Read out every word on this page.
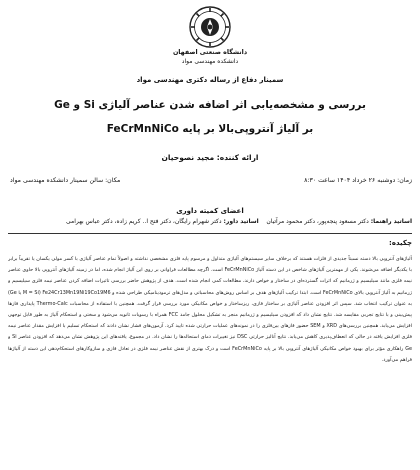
دانشگاه صنعتی اصفهان
دانشکده مهندسی مواد
سمینار دفاع از رساله دکتری مهندسی مواد
بررسی و مشخصه‌یابی اثر اضافه شدن عناصر آلیاژی Si و Ge
بر آلیاژ آنتروپی‌بالا بر پایه FeCrMnNiCo
ارائه کننده: مجید نصوحیان
زمان: دوشنبه ۲۶ خرداد ۱۴۰۴ ساعت ۸:۳۰
مکان: سالن سمینار دانشکده مهندسی مواد
اعضای کمیته داوری
اساتید راهنما: دکتر مسعود پنجه‌پور، دکتر محمود مرآتیان    اساتید داور: دکتر شهرام رایگان، دکتر فتح ا.. کریم زاده، دکتر عباس بهرامی
چکیده:
آلیاژهای آنتروپی بالا دسته نسبتاً جدیدی از فلزات هستند که برخلاف سایر سیستم‌های آلیاژی متداول و مرسوم پایه فلزی مشخصی نداشته و اصولاً تمام عناصر آلیاژی با کسر مولی یکسان یا تقریباً برابر با یکدیگر اضافه می‌شوند. یکی از مهمترین آلیاژهای شاخص در این دسته آلیاژ FeCrMnNiCo است. اگرچه مطالعات فراوانی بر روی این آلیاژ انجام شده، اما در زمینه آلیاژهای آنتروپی بالا حاوی عناصر نیمه فلزی مانند سیلیسیم و ژرمانیم که اثرات گسترده‌ای در ساختار و خواص دارند، مطالعات کمی انجام شده است. هدف از پژوهش حاضر بررسی تاثیرات اضافه کردن عناصر نیمه فلزی سیلیسیم و ژرمانیم به آلیاژ آنتروپی بالای FeCrMnNiCo است. ابتدا ترکیب آلیاژهای هدف بر اساس روش‌های محاسباتی و مدل‌های ترمودینامیکی طراحی شده و Fe24Cr13Mn19Ni19Co19M6 (M = Si یا Ge) به عنوان ترکیب انتخاب شد. سپس اثر افزودن عناصر آلیاژی بر ساختار فازی، ریزساختار و خواص مکانیکی مورد بررسی قرار گرفت. همچنین با استفاده از محاسبات Thermo-Calc پایداری فازها پیش‌بینی و با نتایج تجربی مقایسه شد. نتایج نشان داد که افزودن سیلیسیم و ژرمانیم منجر به تشکیل محلول جامد FCC همراه با رسوبات ثانویه می‌شود و سختی و استحکام آلیاژ به طور قابل توجهی افزایش می‌یابد. همچنین بررسی‌های XRD و SEM حضور فازهای بین‌فلزی را در نمونه‌های عملیات حرارتی شده تایید کرد. آزمون‌های فشار نشان دادند که استحکام تسلیم با افزایش مقدار عناصر نیمه فلزی افزایش یافته در حالی که انعطاف‌پذیری کاهش می‌یابد. نتایج آنالیز حرارتی DSC نیز تغییرات دمای استحاله‌ها را نشان داد. در مجموع، یافته‌های این پژوهش نشان می‌دهد که افزودن عناصر Si و Ge راهکاری مؤثر برای بهبود خواص مکانیکی آلیاژهای آنتروپی بالا بر پایه FeCrMnNiCo است و درک بهتری از نقش عناصر نیمه فلزی در تعادل فازی و سازوکارهای استحکام‌دهی این دسته از آلیاژها فراهم می‌آورد.
